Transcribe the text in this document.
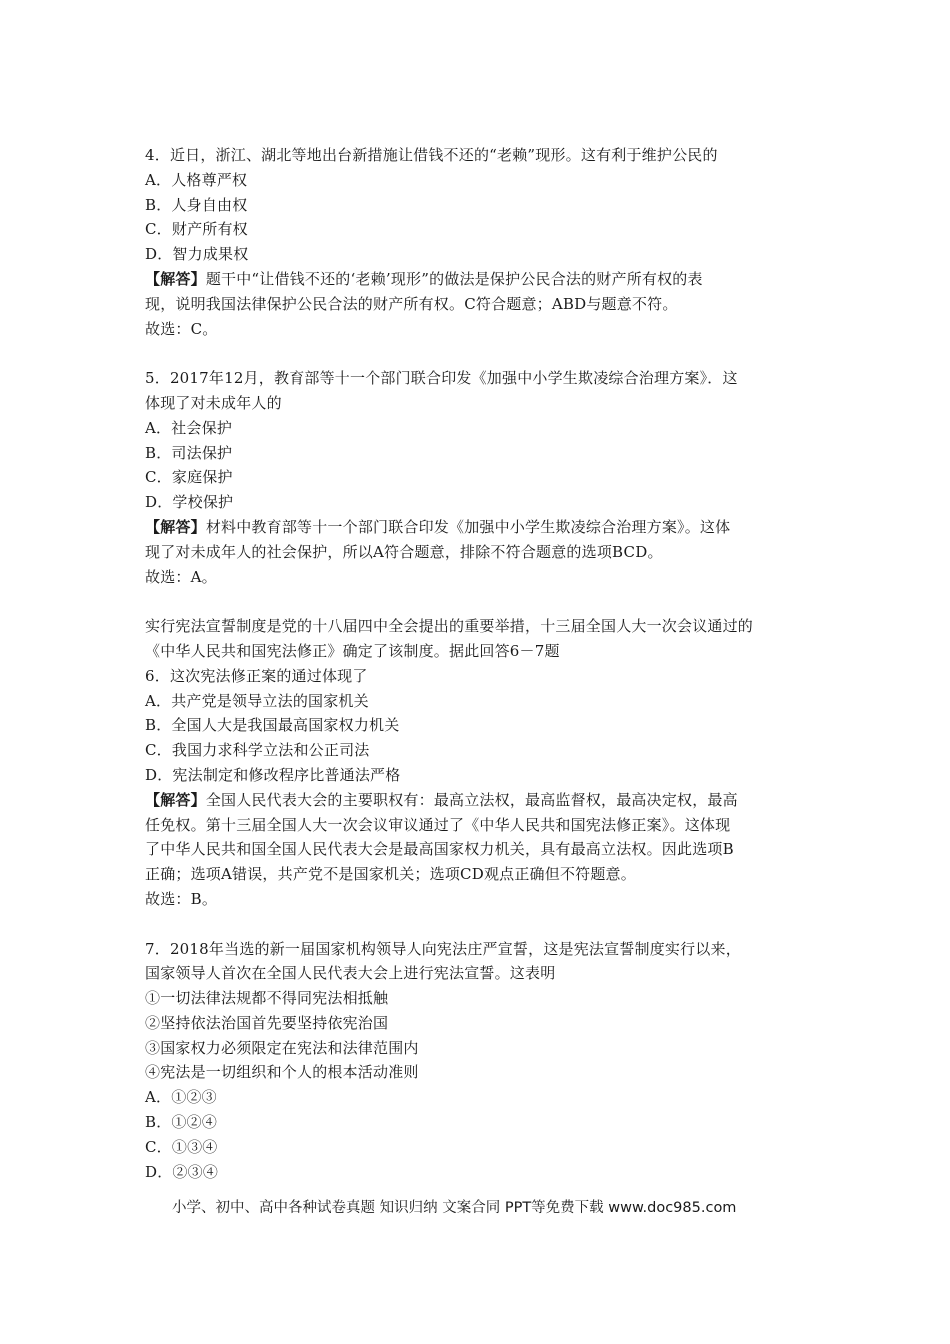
4．近日，浙江、湖北等地出台新措施让借钱不还的“老赖”现形。这有利于维护公民的
A．人格尊严权
B．人身自由权
C．财产所有权
D．智力成果权
【解答】题干中“让借钱不还的‘老赖’现形”的做法是保护公民合法的财产所有权的表
现，说明我国法律保护公民合法的财产所有权。C符合题意；ABD与题意不符。
故选：C。
5．2017年12月，教育部等十一个部门联合印发《加强中小学生欺凌综合治理方案》．这
体现了对未成年人的
A．社会保护
B．司法保护
C．家庭保护
D．学校保护
【解答】材料中教育部等十一个部门联合印发《加强中小学生欺凌综合治理方案》。这体
现了对未成年人的社会保护，所以A符合题意，排除不符合题意的选项BCD。
故选：A。
实行宪法宣誓制度是党的十八届四中全会提出的重要举措，十三届全国人大一次会议通过的
《中华人民共和国宪法修正》确定了该制度。据此回答6－7题
6．这次宪法修正案的通过体现了
A．共产党是领导立法的国家机关
B．全国人大是我国最高国家权力机关
C．我国力求科学立法和公正司法
D．宪法制定和修改程序比普通法严格
【解答】全国人民代表大会的主要职权有：最高立法权，最高监督权，最高决定权，最高
任免权。第十三届全国人大一次会议审议通过了《中华人民共和国宪法修正案》。这体现
了中华人民共和国全国人民代表大会是最高国家权力机关，具有最高立法权。因此选项B
正确；选项A错误，共产党不是国家机关；选项CD观点正确但不符题意。
故选：B。
7．2018年当选的新一届国家机构领导人向宪法庄严宣誓，这是宪法宣誓制度实行以来，
国家领导人首次在全国人民代表大会上进行宪法宣誓。这表明
①一切法律法规都不得同宪法相抵触
②坚持依法治国首先要坚持依宪治国
③国家权力必须限定在宪法和法律范围内
④宪法是一切组织和个人的根本活动准则
A．①②③
B．①②④
C．①③④
D．②③④
小学、初中、高中各种试卷真题 知识归纳 文案合同 PPT等免费下载 www.doc985.com
